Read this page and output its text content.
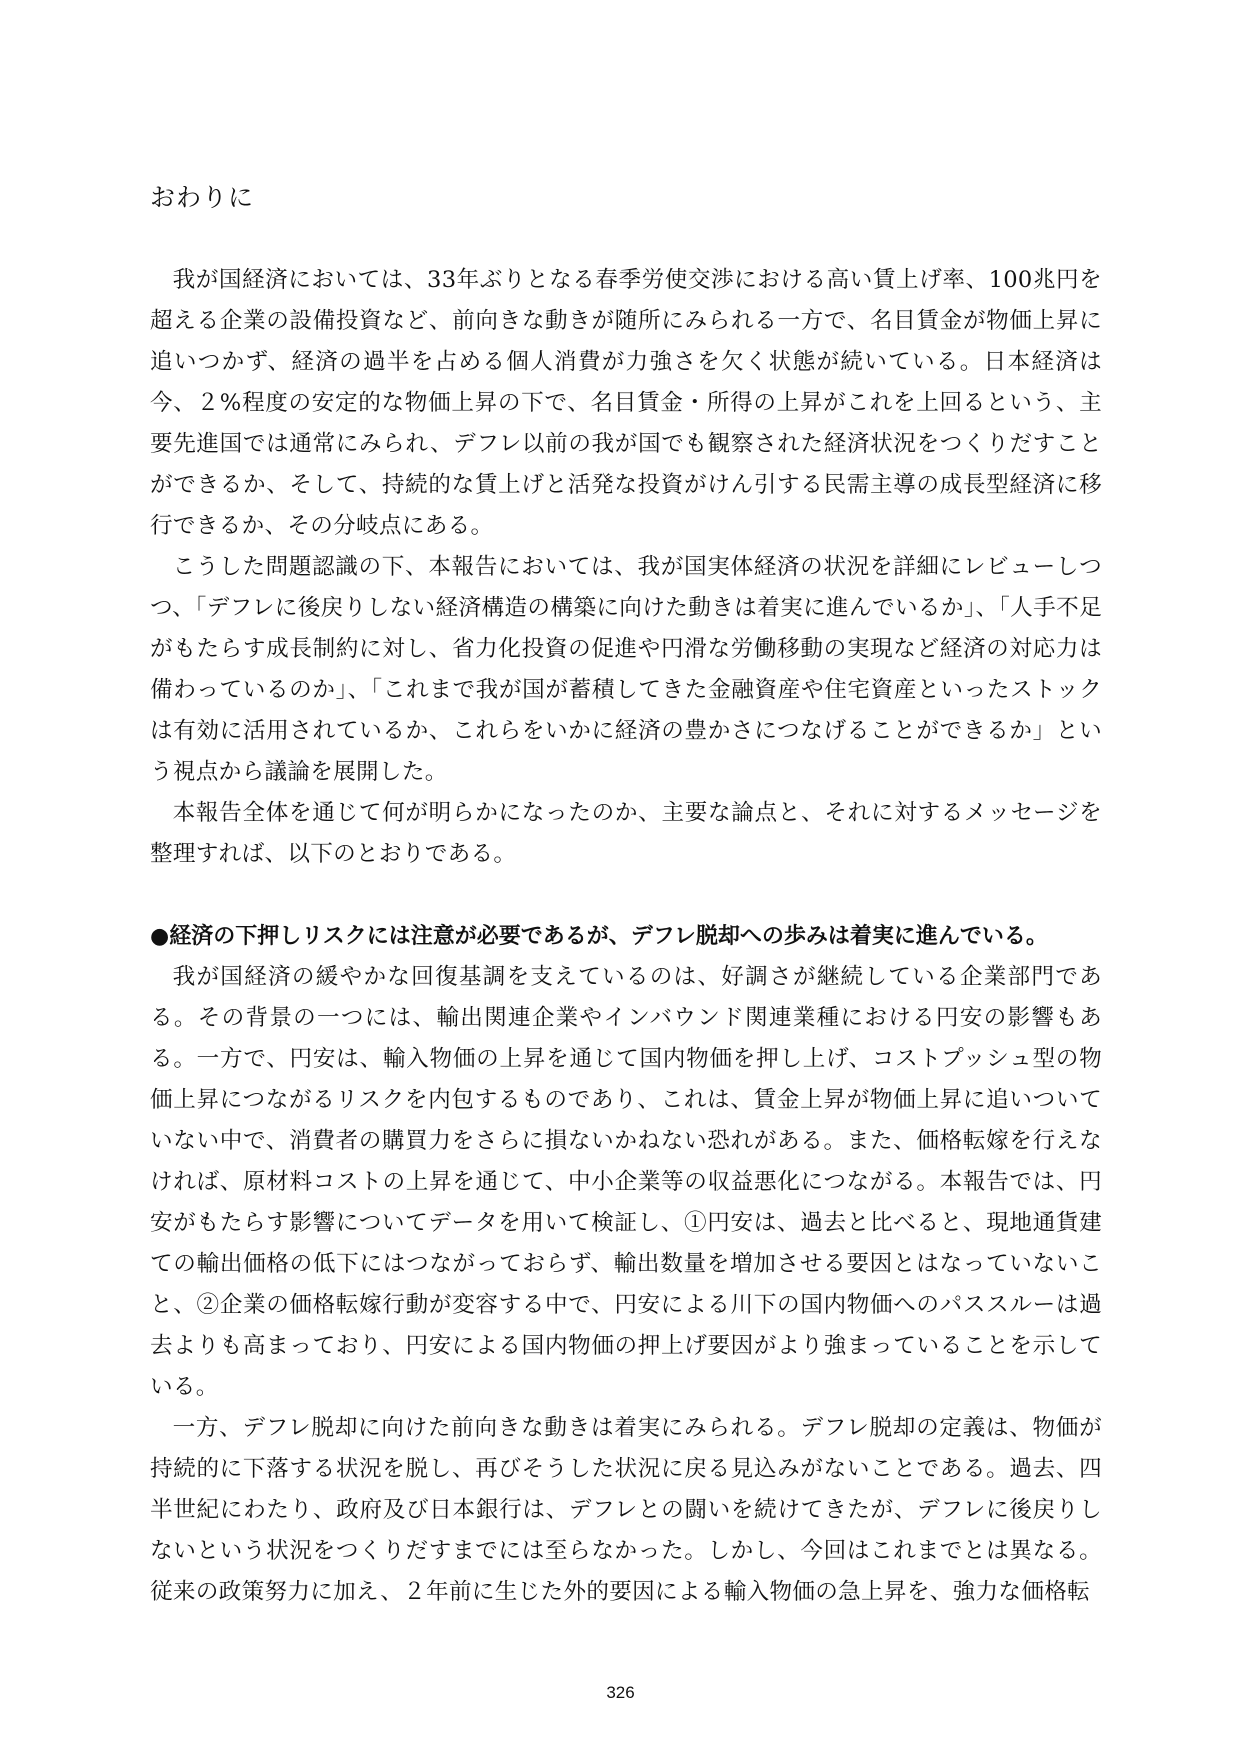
おわりに

我が国経済においては、33年ぶりとなる春季労使交渉における高い賃上げ率、100兆円を超える企業の設備投資など、前向きな動きが随所にみられる一方で、名目賃金が物価上昇に追いつかず、経済の過半を占める個人消費が力強さを欠く状態が続いている。日本経済は今、２%程度の安定的な物価上昇の下で、名目賃金・所得の上昇がこれを上回るという、主要先進国では通常にみられ、デフレ以前の我が国でも観察された経済状況をつくりだすことができるか、そして、持続的な賃上げと活発な投資がけん引する民需主導の成長型経済に移行できるか、その分岐点にある。

こうした問題認識の下、本報告においては、我が国実体経済の状況を詳細にレビューしつつ、「デフレに後戻りしない経済構造の構築に向けた動きは着実に進んでいるか」、「人手不足がもたらす成長制約に対し、省力化投資の促進や円滑な労働移動の実現など経済の対応力は備わっているのか」、「これまで我が国が蓄積してきた金融資産や住宅資産といったストックは有効に活用されているか、これらをいかに経済の豊かさにつなげることができるか」という視点から議論を展開した。

本報告全体を通じて何が明らかになったのか、主要な論点と、それに対するメッセージを整理すれば、以下のとおりである。

●経済の下押しリスクには注意が必要であるが、デフレ脱却への歩みは着実に進んでいる。

我が国経済の緩やかな回復基調を支えているのは、好調さが継続している企業部門である。その背景の一つには、輸出関連企業やインバウンド関連業種における円安の影響もある。一方で、円安は、輸入物価の上昇を通じて国内物価を押し上げ、コストプッシュ型の物価上昇につながるリスクを内包するものであり、これは、賃金上昇が物価上昇に追いついていない中で、消費者の購買力をさらに損ないかねない恐れがある。また、価格転嫁を行えなければ、原材料コストの上昇を通じて、中小企業等の収益悪化につながる。本報告では、円安がもたらす影響についてデータを用いて検証し、①円安は、過去と比べると、現地通貨建ての輸出価格の低下にはつながっておらず、輸出数量を増加させる要因とはなっていないこと、②企業の価格転嫁行動が変容する中で、円安による川下の国内物価へのパススルーは過去よりも高まっており、円安による国内物価の押上げ要因がより強まっていることを示している。

一方、デフレ脱却に向けた前向きな動きは着実にみられる。デフレ脱却の定義は、物価が持続的に下落する状況を脱し、再びそうした状況に戻る見込みがないことである。過去、四半世紀にわたり、政府及び日本銀行は、デフレとの闘いを続けてきたが、デフレに後戻りしないという状況をつくりだすまでには至らなかった。しかし、今回はこれまでとは異なる。従来の政策努力に加え、２年前に生じた外的要因による輸入物価の急上昇を、強力な価格転

326
